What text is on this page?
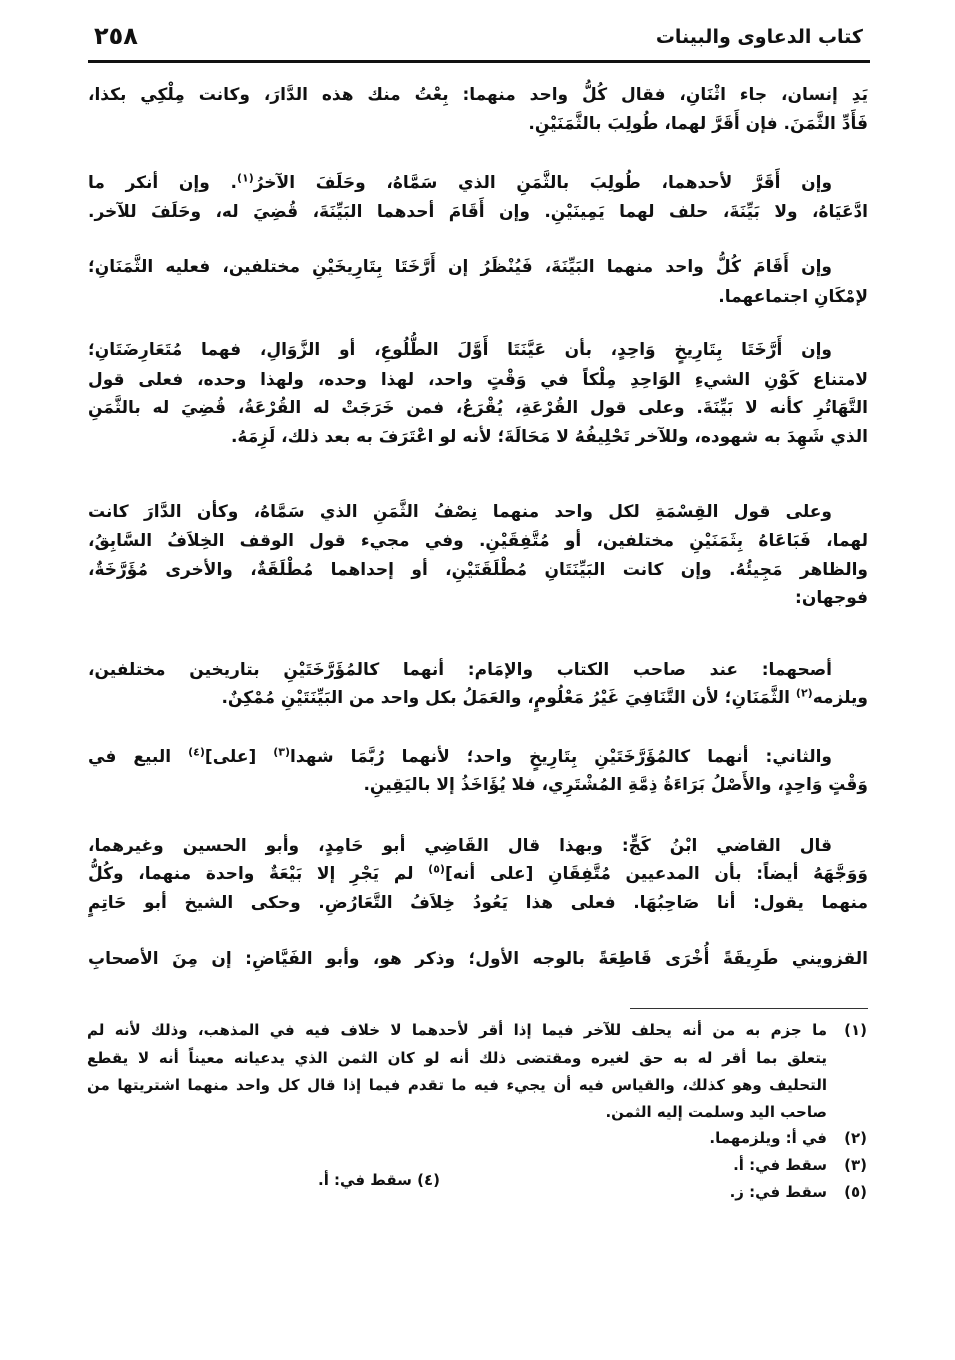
٢٥٨	كتاب الدعاوى والبينات
يَدِ إنسان، جاء اثْنَانِ، فقال كُلُّ واحد منهما: بِعْتُ منك هذه الدَّارَ، وكانت مِلْكِي بكذا،
فَأَدِّ الثَّمَنَ. فإن أَقَرَّ لهما، طُولِبَ بالثَّمَنَيْنِ.
وإن أَقَرَّ لأحدهما، طُولِبَ بالثَّمَنِ الذي سَمَّاهُ، وحَلَفَ الآخرُ$^{(١)}$. وإن أنكر ما
ادَّعَيَاهُ، ولا بَيِّنَةَ، حلف لهما يَمِينَيْنِ. وإن أَقَامَ أحدهما البَيِّنَةَ، قُضِيَ له، وحَلَفَ للآخر.
وإن أَقَامَ كُلُّ واحد منهما البَيِّنَةَ، فَيُنْظَرُ إن أَرَّخَتَا بِتَارِيخَيْنِ مختلفين، فعليه الثَّمَنَانِ؛
لإمْكَانِ اجتماعهما.
وإن أَرَّخَتَا بِتَارِيخٍ وَاحِدٍ، بأن عَيَّنَتَا أَوَّلَ الطُّلُوعِ، أو الزَّوَالِ، فهما مُتَعَارِضَتَانِ؛
لامتناع كَوْنِ الشيءِ الوَاحِدِ مِلْكاً في وَقْتٍ واحد، لهذا وحده، ولهذا وحده، فعلى قول
التَّهَاتُرِ كأنه لا بَيِّنَةَ. وعلى قول القُرْعَةِ، يُقْرَعُ، فمن خَرَجَتْ له القُرْعَةُ، قُضِيَ له بالثَّمَنِ
الذي شَهِدَ به شهوده، وللآخر تَحْلِيفُهُ لا مَحَالَةَ؛ لأنه لو اعْتَرَفَ به بعد ذلك، لَزِمَهُ.
وعلى قول القِسْمَةِ لكل واحد منهما نِصْفُ الثَّمَنِ الذي سَمَّاهُ، وكأن الدَّارَ كانت
لهما، فَبَاعَاهُ بِثَمَنَيْنِ مختلفين، أو مُتَّفِقَيْنِ. وفي مجيء قول الوقف الخِلاَفُ السَّابِقُ،
والظاهر مَجِيئُهُ. وإن كانت البَيِّنَتَانِ مُطْلَقَتَيْنِ، أو إحداهما مُطْلَقَةٌ، والأخرى مُؤَرَّخَةٌ،
فوجهان:
أصحهما: عند صاحب الكتاب والإمَام: أنهما كالمُؤَرَّخَتَيْنِ بتاريخين مختلفين،
ويلزمه$^{(٢)}$ الثَّمَنَانِ؛ لأن التَّنَافِيَ غَيْرُ مَعْلُومٍ، والعَمَلُ بكل واحد من البَيِّنَتَيْنِ مُمْكِنٌ.
والثاني: أنهما كالمُؤَرَّخَتَيْنِ بِتَارِيخٍ واحد؛ لأنهما رُبَّمَا شهدا$^{(٣)}$ [على]$^{(٤)}$ البيع في
وَقْتٍ وَاحِدٍ، والأَصْلُ بَرَاءَةُ ذِمَّةِ المُشْتَرِي، فلا يُؤَاخَذُ إلا باليَقِينِ.
قال القاضي ابْنُ كَجٍّ: وبهذا قال القَاضِي أبو حَامِدٍ، وأبو الحسين وغيرهما،
وَوَجَّهَهُ أيضاً: بأن المدعيين مُتَّفِقَانِ [على أنه]$^{(٥)}$ لم يَجْرِ إلا بَيْعَةٌ واحدة منهما، وكُلُّ
منهما يقول: أنا صَاحِبُهَا. فعلى هذا يَعُودُ خِلاَفُ التَّعَارُضِ. وحكى الشيخ أبو حَاتِمٍ
القزويني طَرِيقَةً أُخْرَى قَاطِعَةً بالوجه الأول؛ وذكر هو، وأبو الفَيَّاضِ: إن مِنَ الأصحابِ
(١)
ما جزم به من أنه يحلف للآخر فيما إذا أقر لأحدهما لا خلاف فيه في المذهب، وذلك لأنه لم
يتعلق بما أقر له به حق لغيره ومقتضى ذلك أنه لو كان الثمن الذي يدعيانه معيناً أنه لا يقطع
التحليف وهو كذلك، والقياس فيه أن يجيء فيه ما تقدم فيما إذا قال كل واحد منهما اشتريتها من
صاحب اليد وسلمت إليه الثمن.
(٢)
في أ: ويلزمهما.
(٣)
سقط في: أ.
(٤) سقط في: أ.
(٥)
سقط في: ز.
